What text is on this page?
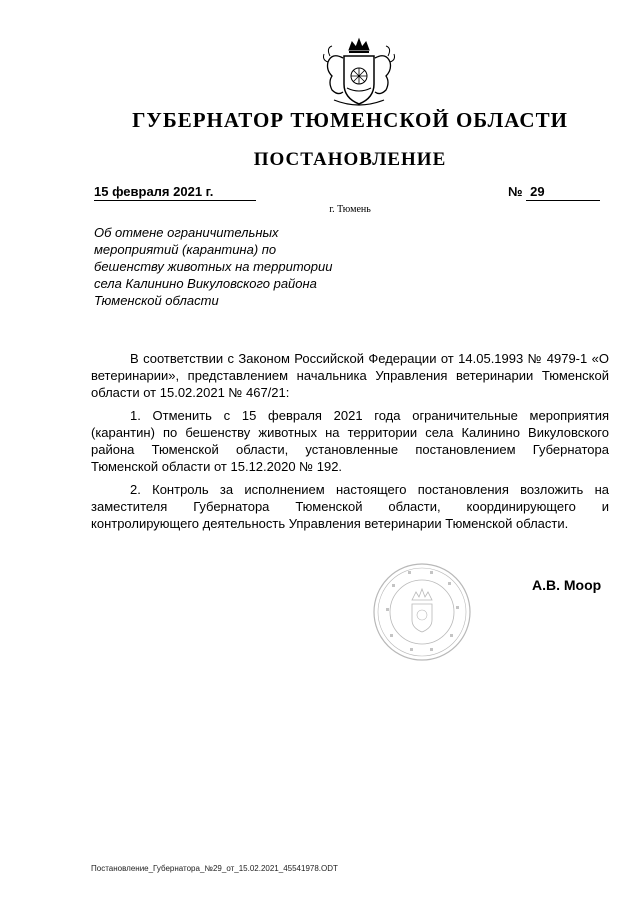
ГУБЕРНАТОР ТЮМЕНСКОЙ ОБЛАСТИ
ПОСТАНОВЛЕНИЕ
15 февраля 2021 г.	№ 29
г. Тюмень
Об отмене ограничительных
мероприятий (карантина) по
бешенству животных на территории
села Калинино Викуловского района
Тюменской области

В соответствии с Законом Российской Федерации от 14.05.1993 № 4979-1 «О ветеринарии», представлением начальника Управления ветеринарии Тюменской области от 15.02.2021 № 467/21:

1. Отменить с 15 февраля 2021 года ограничительные мероприятия (карантин) по бешенству животных на территории села Калинино Викуловского района Тюменской области, установленные постановлением Губернатора Тюменской области от 15.12.2020 № 192.

2. Контроль за исполнением настоящего постановления возложить на заместителя Губернатора Тюменской области, координирующего и контролирующего деятельность Управления ветеринарии Тюменской области.

А.В. Моор
Постановление_Губернатора_№29_от_15.02.2021_45541978.ODT
